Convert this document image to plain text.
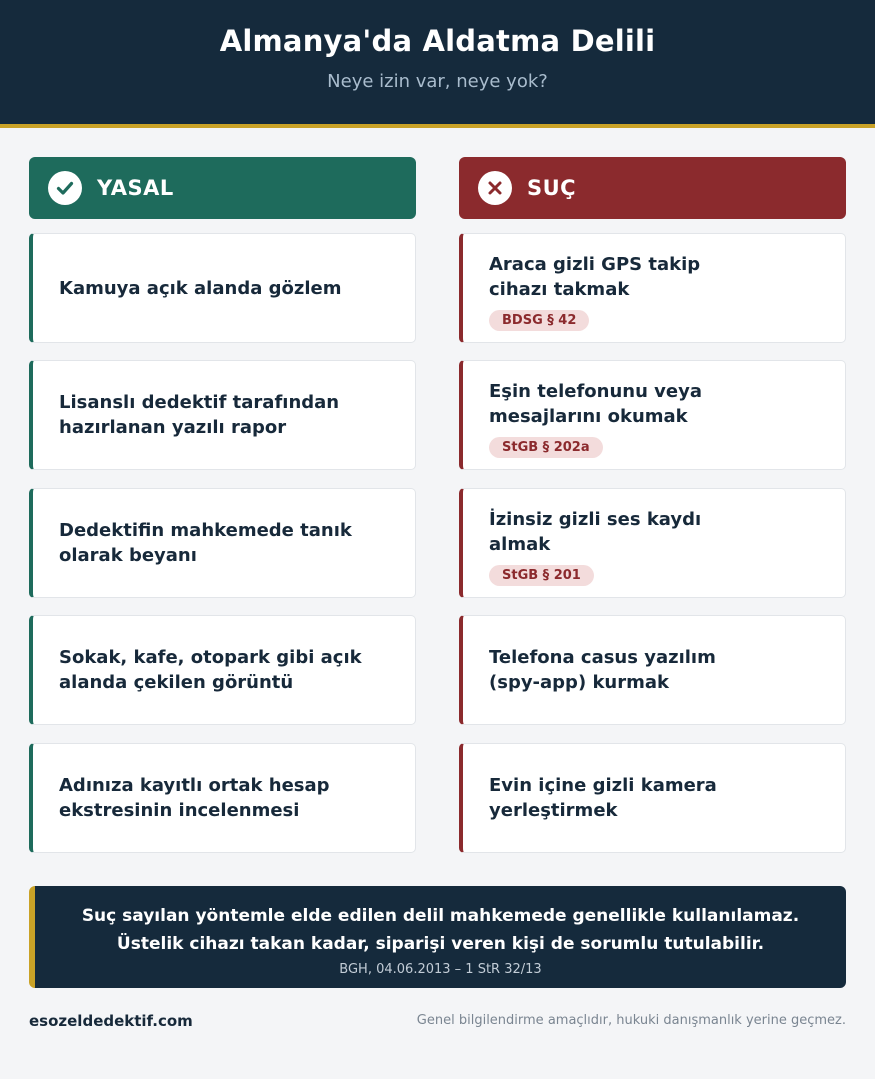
Almanya'da Aldatma Delili
Neye izin var, neye yok?
YASAL	SUÇ
Kamuya açık alanda gözlem
Lisanslı dedektif tarafından hazırlanan yazılı rapor
Dedektifin mahkemede tanık olarak beyanı
Sokak, kafe, otopark gibi açık alanda çekilen görüntü
Adınıza kayıtlı ortak hesap ekstresinin incelenmesi
Araca gizli GPS takip cihazı takmak
BDSG § 42
Eşin telefonunu veya mesajlarını okumak
StGB § 202a
İzinsiz gizli ses kaydı almak
StGB § 201
Telefona casus yazılım (spy-app) kurmak
Evin içine gizli kamera yerleştirmek
Suç sayılan yöntemle elde edilen delil mahkemede genellikle kullanılamaz.
Üstelik cihazı takan kadar, siparişi veren kişi de sorumlu tutulabilir.
BGH, 04.06.2013 – 1 StR 32/13
esozeldedektif.com	Genel bilgilendirme amaçlıdır, hukuki danışmanlık yerine geçmez.
